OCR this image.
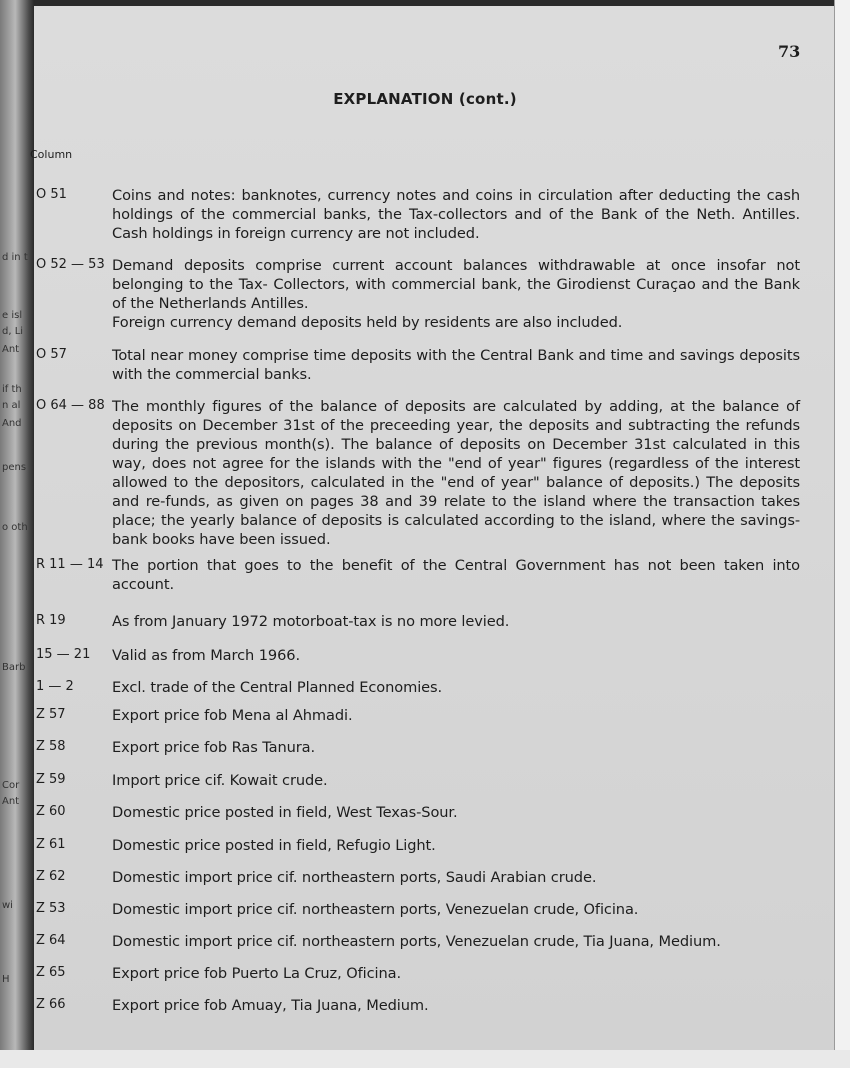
d in t
e isl
d, Li
Ant
if th
n al
And
pens
o oth
Barb
Cor
Ant
wi
H
73
EXPLANATION (cont.)
Column
O 51	Coins and notes: banknotes, currency notes and coins in circulation after deducting the cash holdings of the commercial banks, the Tax-collectors and of the Bank of the Neth. Antilles. Cash holdings in foreign currency are not included.
O 52 — 53 Demand deposits comprise current account balances withdrawable at once insofar not belonging to the Tax- Collectors, with commercial bank, the Girodienst Curaçao and the Bank of the Netherlands Antilles.
Foreign currency demand deposits held by residents are also included.
O 57	Total near money comprise time deposits with the Central Bank and time and savings deposits with the commercial banks.
O 64 — 88 The monthly figures of the balance of deposits are calculated by adding, at the balance of deposits on December 31st of the preceeding year, the deposits and subtracting the refunds during the previous month(s). The balance of deposits on December 31st calculated in this way, does not agree for the islands with the "end of year" figures (regardless of the interest allowed to the depositors, calculated in the "end of year" balance of deposits.) The deposits and re-funds, as given on pages 38 and 39 relate to the island where the transaction takes place; the yearly balance of deposits is calculated according to the island, where the savings-bank books have been issued.
R 11 — 14 The portion that goes to the benefit of the Central Government has not been taken into account.
R 19	As from January 1972 motorboat-tax is no more levied.
15 — 21	Valid as from March 1966.
1 — 2	Excl. trade of the Central Planned Economies.
Z 57	Export price fob Mena al Ahmadi.
Z 58	Export price fob Ras Tanura.
Z 59	Import price cif. Kowait crude.
Z 60	Domestic price posted in field, West Texas-Sour.
Z 61	Domestic price posted in field, Refugio Light.
Z 62	Domestic import price cif. northeastern ports, Saudi Arabian crude.
Z 53	Domestic import price cif. northeastern ports, Venezuelan crude, Oficina.
Z 64	Domestic import price cif. northeastern ports, Venezuelan crude, Tia Juana, Medium.
Z 65	Export price fob Puerto La Cruz, Oficina.
Z 66	Export price fob Amuay, Tia Juana, Medium.
